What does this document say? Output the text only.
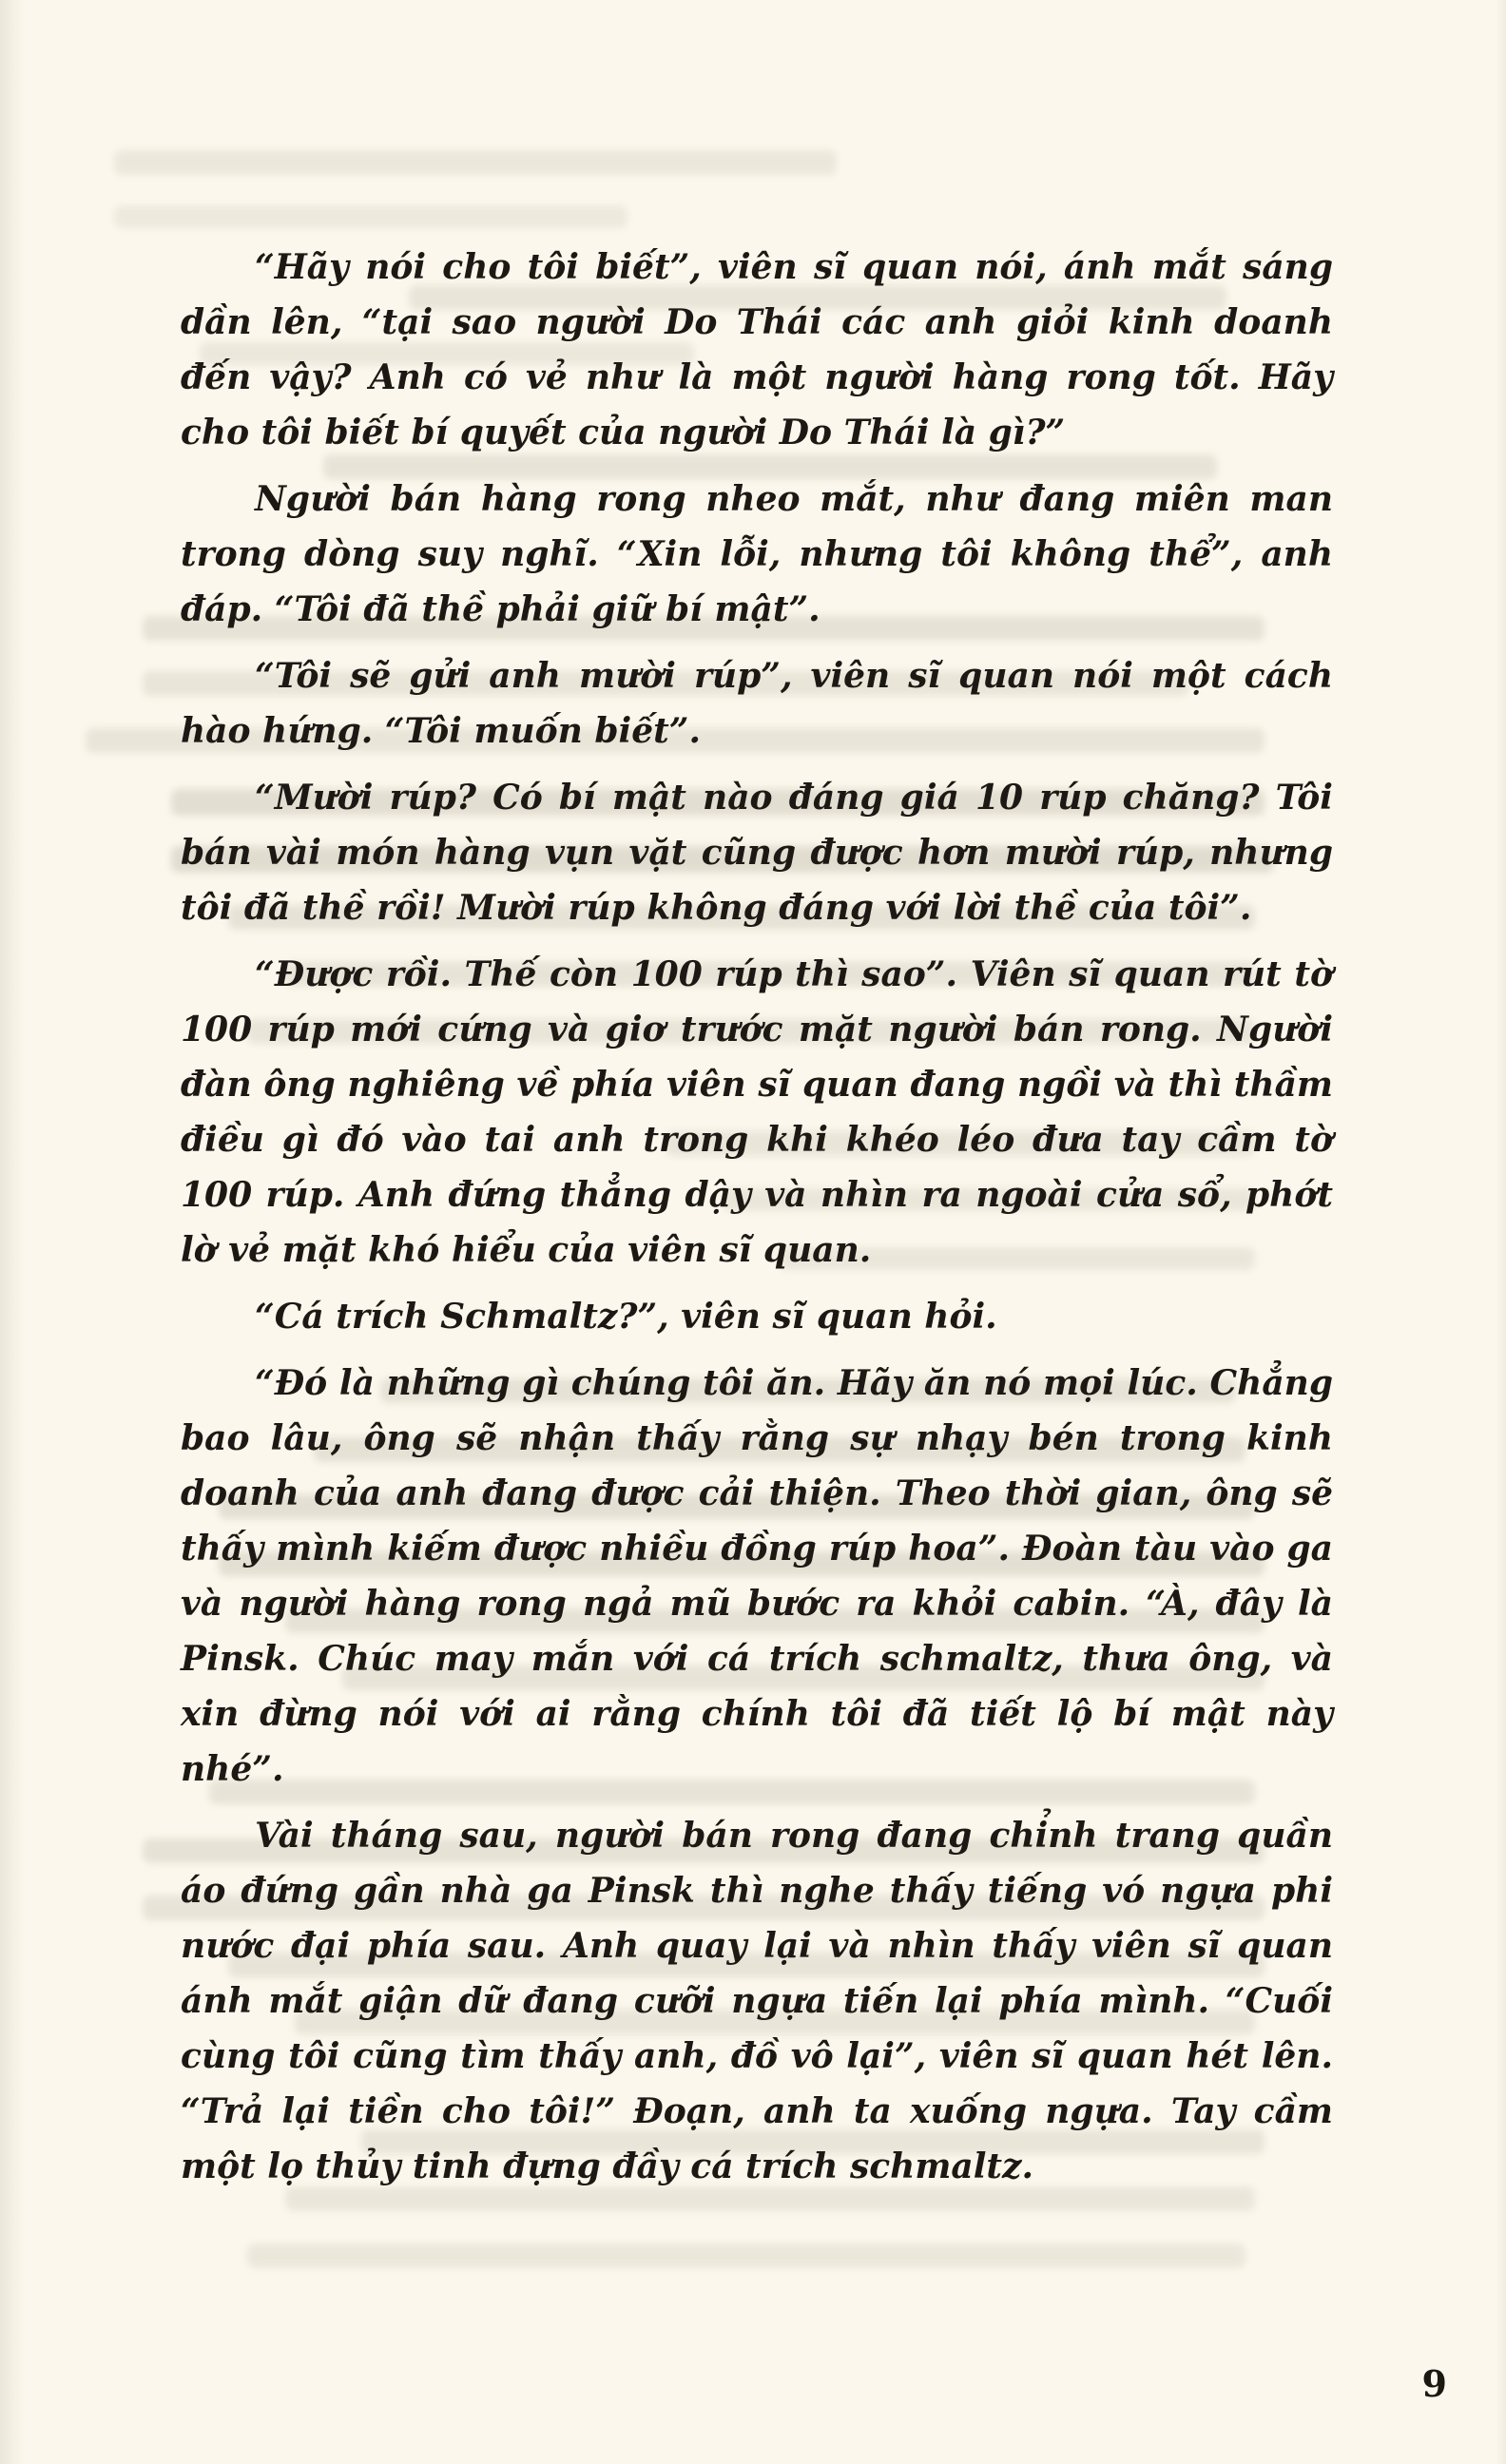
“Hãy nói cho tôi biết”, viên sĩ quan nói, ánh mắt sáng dần lên, “tại sao người Do Thái các anh giỏi kinh doanh đến vậy? Anh có vẻ như là một người hàng rong tốt. Hãy cho tôi biết bí quyết của người Do Thái là gì?”

Người bán hàng rong nheo mắt, như đang miên man trong dòng suy nghĩ. “Xin lỗi, nhưng tôi không thể”, anh đáp. “Tôi đã thề phải giữ bí mật”.

“Tôi sẽ gửi anh mười rúp”, viên sĩ quan nói một cách hào hứng. “Tôi muốn biết”.

“Mười rúp? Có bí mật nào đáng giá 10 rúp chăng? Tôi bán vài món hàng vụn vặt cũng được hơn mười rúp, nhưng tôi đã thề rồi! Mười rúp không đáng với lời thề của tôi”.

“Được rồi. Thế còn 100 rúp thì sao”. Viên sĩ quan rút tờ 100 rúp mới cứng và giơ trước mặt người bán rong. Người đàn ông nghiêng về phía viên sĩ quan đang ngồi và thì thầm điều gì đó vào tai anh trong khi khéo léo đưa tay cầm tờ 100 rúp. Anh đứng thẳng dậy và nhìn ra ngoài cửa sổ, phớt lờ vẻ mặt khó hiểu của viên sĩ quan.

“Cá trích Schmaltz?”, viên sĩ quan hỏi.

“Đó là những gì chúng tôi ăn. Hãy ăn nó mọi lúc. Chẳng bao lâu, ông sẽ nhận thấy rằng sự nhạy bén trong kinh doanh của anh đang được cải thiện. Theo thời gian, ông sẽ thấy mình kiếm được nhiều đồng rúp hoa”. Đoàn tàu vào ga và người hàng rong ngả mũ bước ra khỏi cabin. “À, đây là Pinsk. Chúc may mắn với cá trích schmaltz, thưa ông, và xin đừng nói với ai rằng chính tôi đã tiết lộ bí mật này nhé”.

Vài tháng sau, người bán rong đang chỉnh trang quần áo đứng gần nhà ga Pinsk thì nghe thấy tiếng vó ngựa phi nước đại phía sau. Anh quay lại và nhìn thấy viên sĩ quan ánh mắt giận dữ đang cưỡi ngựa tiến lại phía mình. “Cuối cùng tôi cũng tìm thấy anh, đồ vô lại”, viên sĩ quan hét lên. “Trả lại tiền cho tôi!” Đoạn, anh ta xuống ngựa. Tay cầm một lọ thủy tinh đựng đầy cá trích schmaltz.

9
